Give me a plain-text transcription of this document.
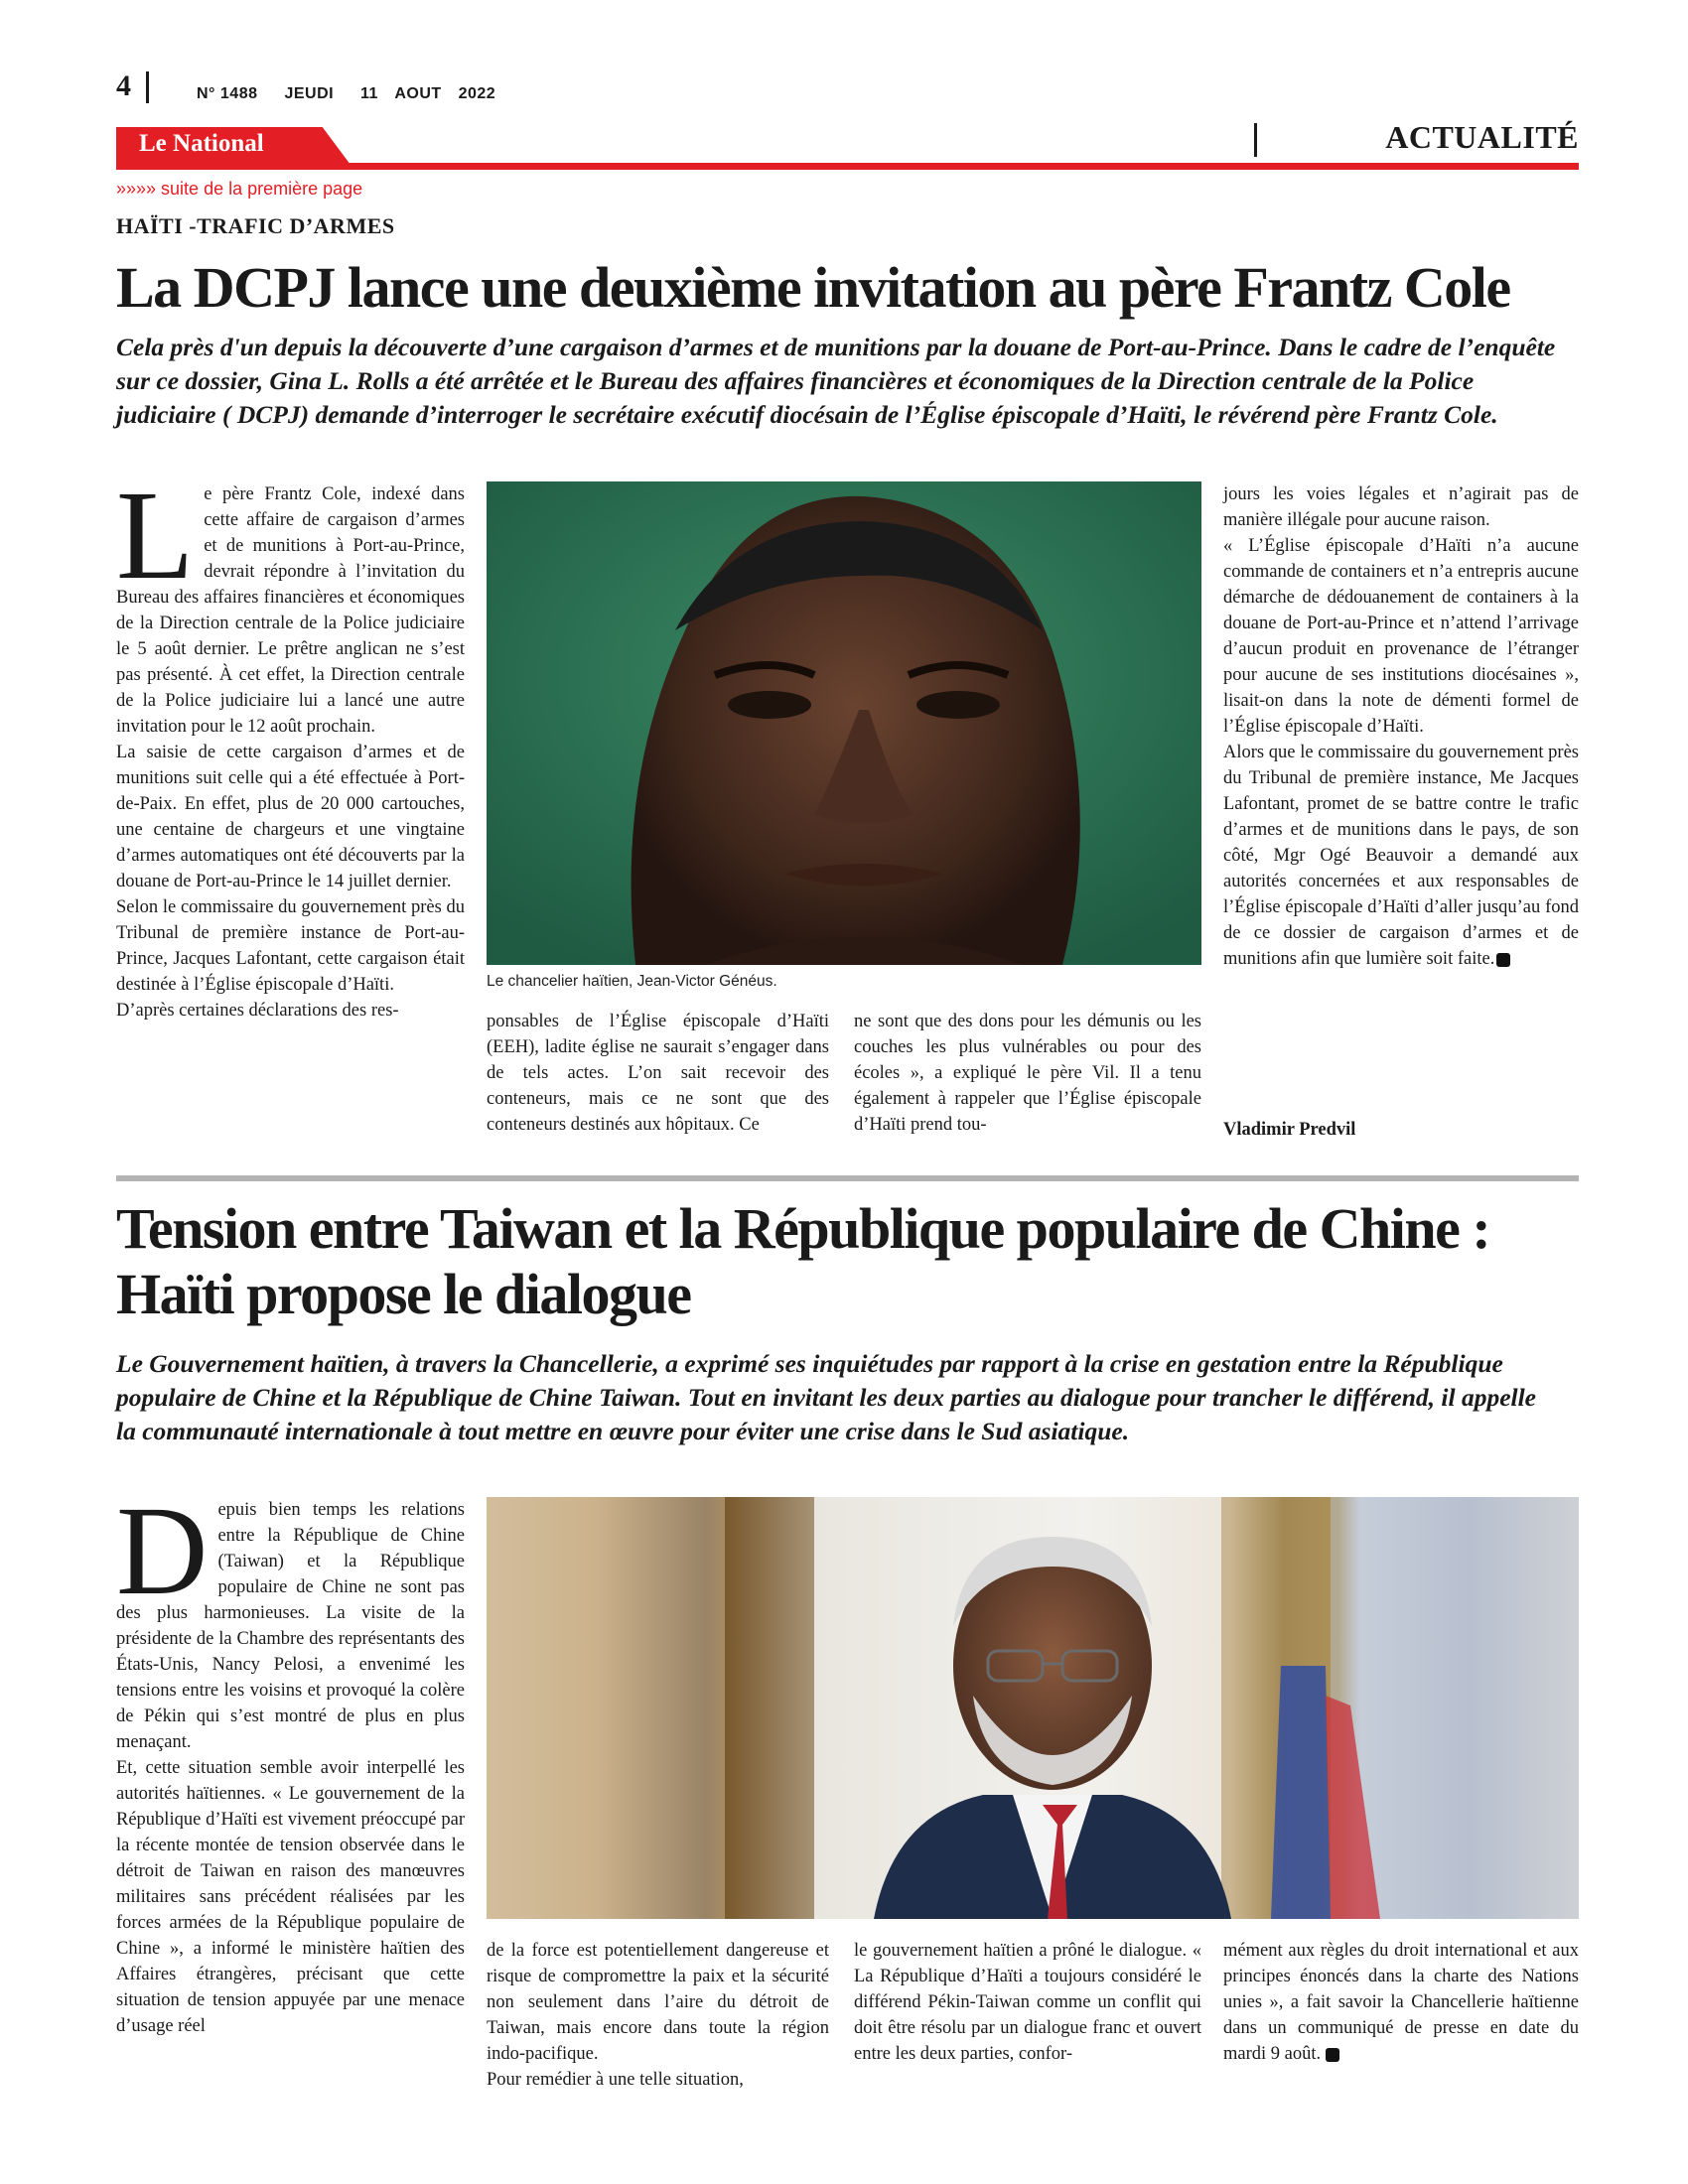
4	N° 1488 JEUDI 11 AOUT 2022
Le National	ACTUALITÉ
»»»» suite de la première page
HAÏTI -TRAFIC D’ARMES
La DCPJ lance une deuxième invitation au père Frantz Cole
Cela près d'un depuis la découverte d’une cargaison d’armes et de munitions par la douane de Port-au-Prince. Dans le cadre de l’enquête sur ce dossier, Gina L. Rolls a été arrêtée et le Bureau des affaires financières et économiques de la Direction centrale de la Police judiciaire ( DCPJ) demande d’interroger le secrétaire exécutif diocésain de l’Église épiscopale d’Haïti, le révérend père Frantz Cole.
L e père Frantz Cole, indexé dans cette affaire de cargaison d’armes et de munitions à Port-au-Prince, devrait répondre à l’invitation du Bureau des affaires financières et économiques de la Direction centrale de la Police judiciaire le 5 août dernier. Le prêtre anglican ne s’est pas présenté. À cet effet, la Direction centrale de la Police judiciaire lui a lancé une autre invitation pour le 12 août prochain.

La saisie de cette cargaison d’armes et de munitions suit celle qui a été effectuée à Port-de-Paix. En effet, plus de 20 000 cartouches, une centaine de chargeurs et une vingtaine d’armes automatiques ont été découverts par la douane de Port-au-Prince le 14 juillet dernier.

Selon le commissaire du gouvernement près du Tribunal de première instance de Port-au-Prince, Jacques Lafontant, cette cargaison était destinée à l’Église épiscopale d’Haïti.

D’après certaines déclarations des res-

Le chancelier haïtien, Jean-Victor Généus.

ponsables de l’Église épiscopale d’Haïti (EEH), ladite église ne saurait s’engager dans de tels actes. L’on sait recevoir des conteneurs, mais ce ne sont que des conteneurs destinés aux hôpitaux. Ce

ne sont que des dons pour les démunis ou les couches les plus vulnérables ou pour des écoles », a expliqué le père Vil. Il a tenu également à rappeler que l’Église épiscopale d’Haïti prend tou-

jours les voies légales et n’agirait pas de manière illégale pour aucune raison.

« L’Église épiscopale d’Haïti n’a aucune commande de containers et n’a entrepris aucune démarche de dédouanement de containers à la douane de Port-au-Prince et n’attend l’arrivage d’aucun produit en provenance de l’étranger pour aucune de ses institutions diocésaines », lisait-on dans la note de démenti formel de l’Église épiscopale d’Haïti.

Alors que le commissaire du gouvernement près du Tribunal de première instance, Me Jacques Lafontant, promet de se battre contre le trafic d’armes et de munitions dans le pays, de son côté, Mgr Ogé Beauvoir a demandé aux autorités concernées et aux responsables de l’Église épiscopale d’Haïti d’aller jusqu’au fond de ce dossier de cargaison d’armes et de munitions afin que lumière soit faite.

Vladimir Predvil
Tension entre Taiwan et la République populaire de Chine : Haïti propose le dialogue
Le Gouvernement haïtien, à travers la Chancellerie, a exprimé ses inquiétudes par rapport à la crise en gestation entre la République populaire de Chine et la République de Chine Taiwan. Tout en invitant les deux parties au dialogue pour trancher le différend, il appelle la communauté internationale à tout mettre en œuvre pour éviter une crise dans le Sud asiatique.
D epuis bien temps les relations entre la République de Chine (Taiwan) et la République populaire de Chine ne sont pas des plus harmonieuses. La visite de la présidente de la Chambre des représentants des États-Unis, Nancy Pelosi, a envenimé les tensions entre les voisins et provoqué la colère de Pékin qui s’est montré de plus en plus menaçant.

Et, cette situation semble avoir interpellé les autorités haïtiennes. « Le gouvernement de la République d’Haïti est vivement préoccupé par la récente montée de tension observée dans le détroit de Taiwan en raison des manœuvres militaires sans précédent réalisées par les forces armées de la République populaire de Chine », a informé le ministère haïtien des Affaires étrangères, précisant que cette situation de tension appuyée par une menace d’usage réel

de la force est potentiellement dangereuse et risque de compromettre la paix et la sécurité non seulement dans l’aire du détroit de Taiwan, mais encore dans toute la région indo-pacifique.

Pour remédier à une telle situation,

le gouvernement haïtien a prôné le dialogue. « La République d’Haïti a toujours considéré le différend Pékin-Taiwan comme un conflit qui doit être résolu par un dialogue franc et ouvert entre les deux parties, confor-

mément aux règles du droit international et aux principes énoncés dans la charte des Nations unies », a fait savoir la Chancellerie haïtienne dans un communiqué de presse en date du mardi 9 août.
